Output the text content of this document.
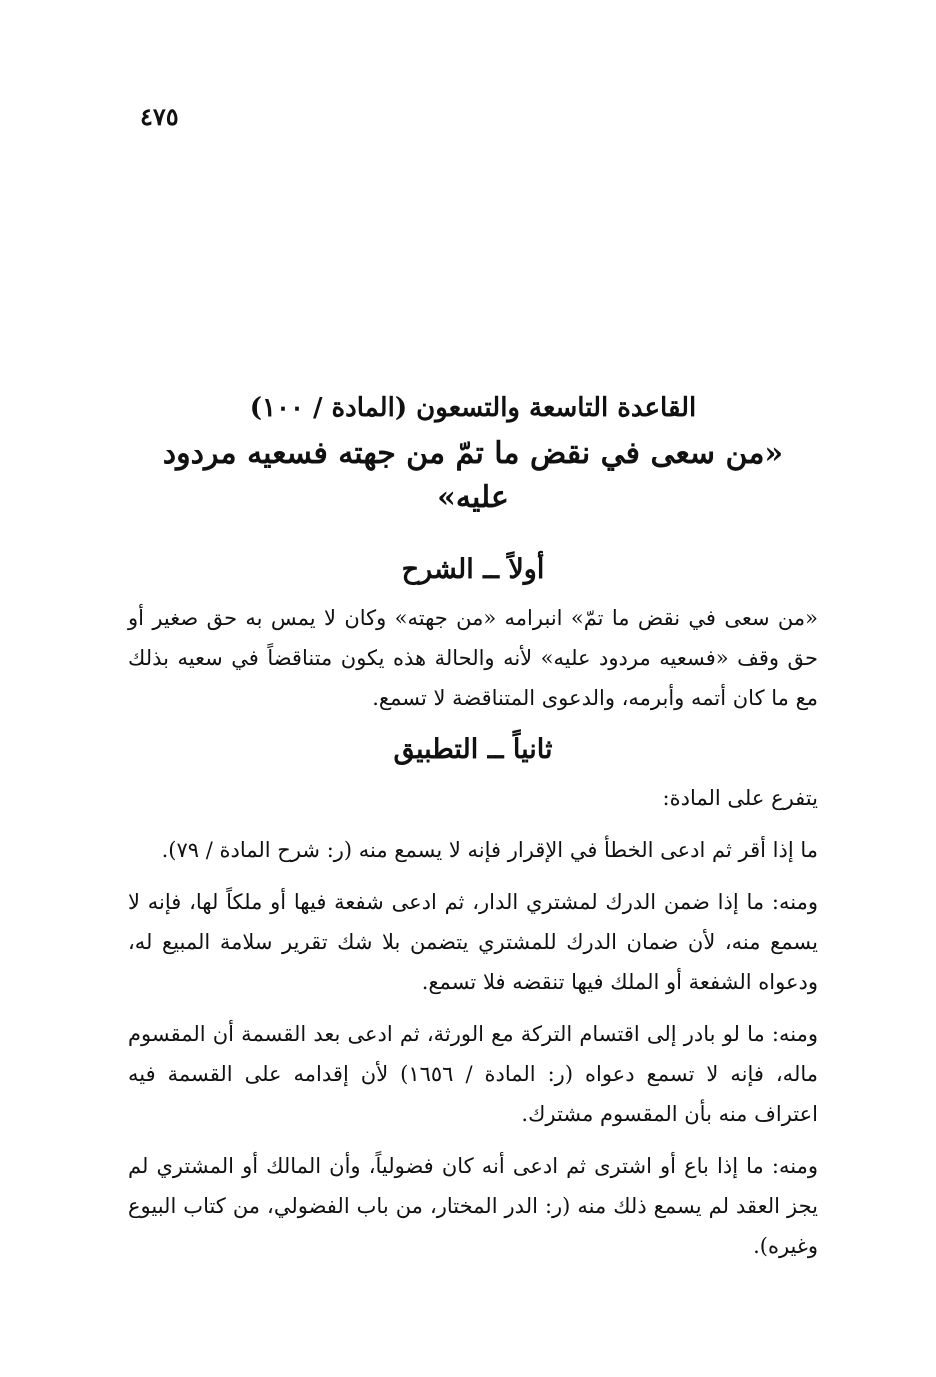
٤٧٥
القاعدة التاسعة والتسعون (المادة / ١٠٠)
«من سعى في نقض ما تمّ من جهته فسعيه مردود عليه»
أولاً ــ الشرح

«من سعى في نقض ما تمّ» انبرامه «من جهته» وكان لا يمس به حق صغير أو حق وقف «فسعيه مردود عليه» لأنه والحالة هذه يكون متناقضاً في سعيه بذلك مع ما كان أتمه وأبرمه، والدعوى المتناقضة لا تسمع.

ثانياً ــ التطبيق

يتفرع على المادة:

ما إذا أقر ثم ادعى الخطأ في الإقرار فإنه لا يسمع منه (ر: شرح المادة / ٧٩).

ومنه: ما إذا ضمن الدرك لمشتري الدار، ثم ادعى شفعة فيها أو ملكاً لها، فإنه لا يسمع منه، لأن ضمان الدرك للمشتري يتضمن بلا شك تقرير سلامة المبيع له، ودعواه الشفعة أو الملك فيها تنقضه فلا تسمع.

ومنه: ما لو بادر إلى اقتسام التركة مع الورثة، ثم ادعى بعد القسمة أن المقسوم ماله، فإنه لا تسمع دعواه (ر: المادة / ١٦٥٦) لأن إقدامه على القسمة فيه اعتراف منه بأن المقسوم مشترك.

ومنه: ما إذا باع أو اشترى ثم ادعى أنه كان فضولياً، وأن المالك أو المشتري لم يجز العقد لم يسمع ذلك منه (ر: الدر المختار، من باب الفضولي، من كتاب البيوع وغيره).
